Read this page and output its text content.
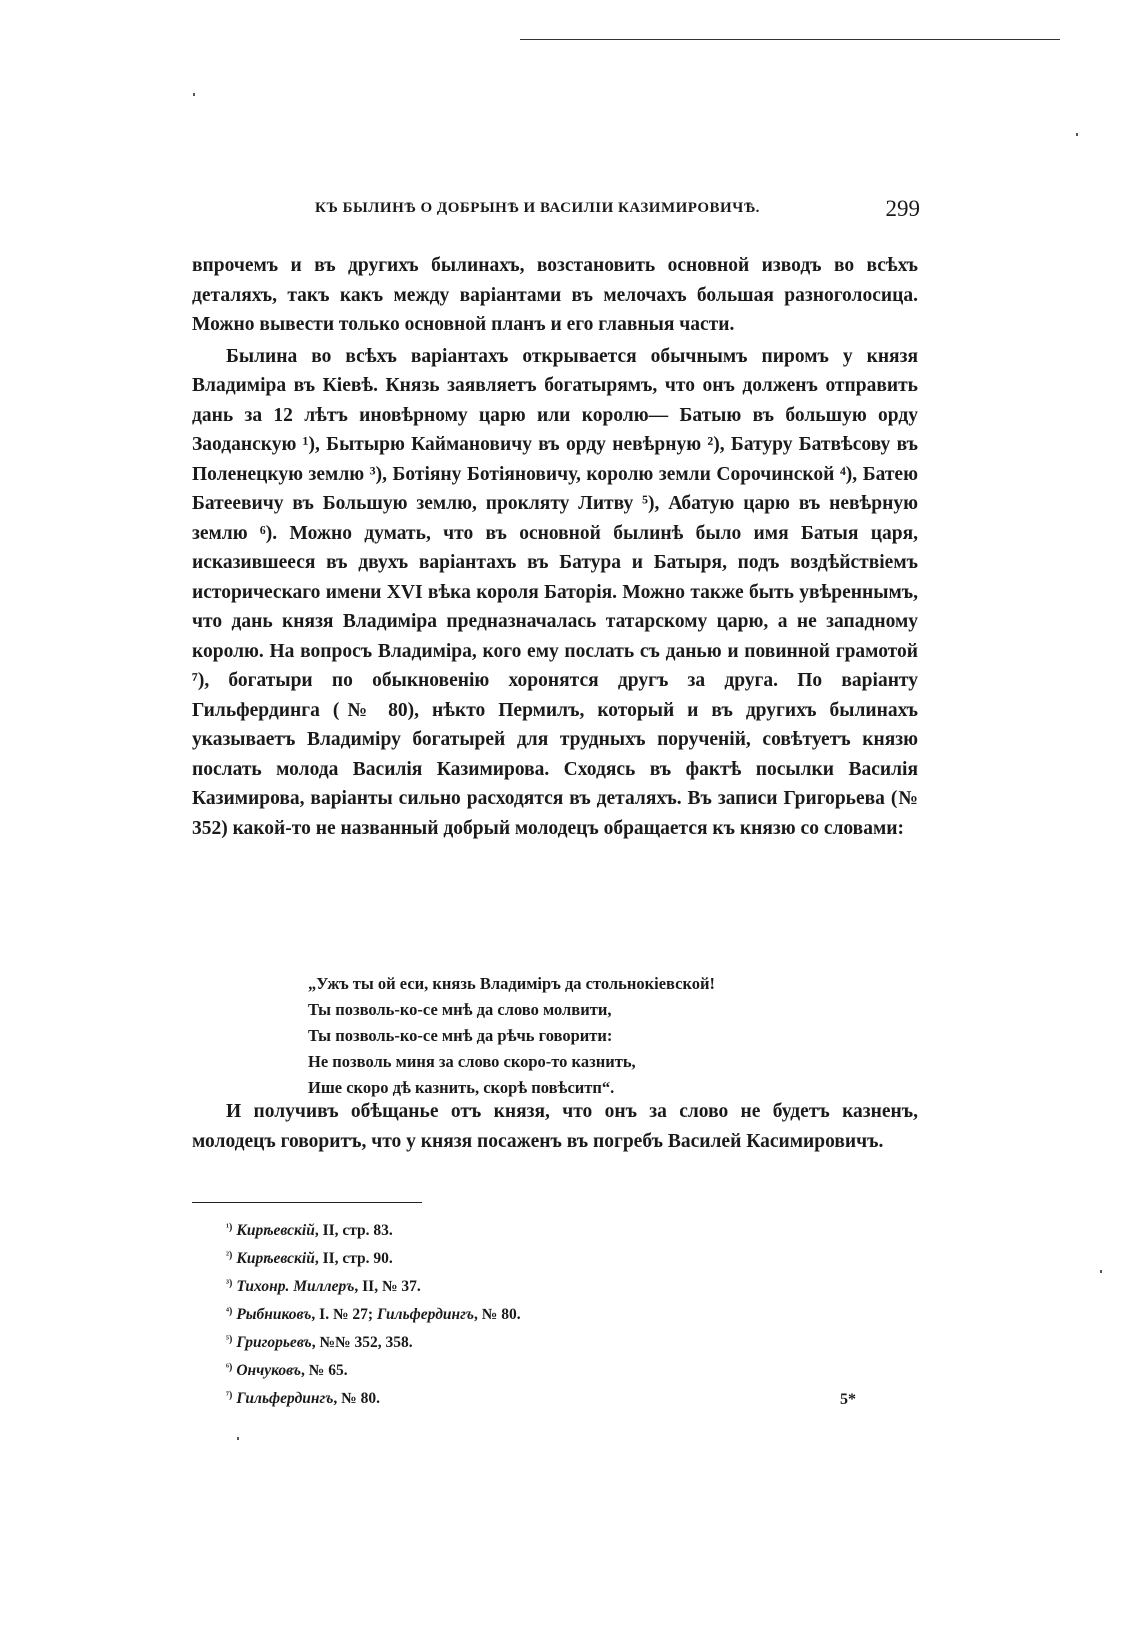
КЪ БЫЛИНѢ О ДОБРЫНѢ И ВАСИЛІИ КАЗИМИРОВИЧѢ.	299

впрочемъ и въ другихъ былинахъ, возстановить основной изводъ во всѣхъ деталяхъ, такъ какъ между варіантами въ мелочахъ большая разноголосица. Можно вывести только основной планъ и его главныя части.

Былина во всѣхъ варіантахъ открывается обычнымъ пиромъ у князя Владиміра въ Кіевѣ. Князь заявляетъ богатырямъ, что онъ долженъ отправить дань за 12 лѣтъ иновѣрному царю или королю— Батыю въ большую орду Заоданскую ¹), Бытырю Каймановичу въ орду невѣрную ²), Батуру Батвѣсову въ Поленецкую землю ³), Ботіяну Ботіяновичу, королю земли Сорочинской ⁴), Батею Батеевичу въ Большую землю, прокляту Литву ⁵), Абатую царю въ невѣрную землю ⁶). Можно думать, что въ основной былинѣ было имя Батыя царя, исказившееся въ двухъ варіантахъ въ Батура и Батыря, подъ воздѣйствіемъ историческаго имени XVI вѣка короля Баторія. Можно также быть увѣреннымъ, что дань князя Владиміра предназначалась татарскому царю, а не западному королю. На вопросъ Владиміра, кого ему послать съ данью и повинной грамотой ⁷), богатыри по обыкновенію хоронятся другъ за друга. По варіанту Гильфердинга (№ 80), нѣкто Пермилъ, который и въ другихъ былинахъ указываетъ Владиміру богатырей для трудныхъ порученій, совѣтуетъ князю послать молода Василія Казимирова. Сходясь въ фактѣ посылки Василія Казимирова, варіанты сильно расходятся въ деталяхъ. Въ записи Григорьева (№ 352) какой-то не названный добрый молодецъ обращается къ князю со словами:

„Ужъ ты ой еси, князь Владиміръ да стольнокіевской!
Ты позволь-ко-се мнѣ да слово молвити,
Ты позволь-ко-се мнѣ да рѣчь говорити:
Не позволь миня за слово скоро-то казнить,
Ише скоро дѣ казнить, скорѣ повѣситп“.

И получивъ обѣщанье отъ князя, что онъ за слово не будетъ казненъ, молодецъ говоритъ, что у князя посаженъ въ погребъ Василей Касимировичъ.

$^{^1)}$ Кирѣевскій, II, стр. 83.
$^{^2)}$ Кирѣевскій, II, стр. 90.
$^{^3)}$ Тихонр. Миллеръ, II, № 37.
$^{^4)}$ Рыбниковъ, I. № 27; Гильфердингъ, № 80.
$^{^5)}$ Григорьевъ, №№ 352, 358.
$^{^6)}$ Ончуковъ, № 65.
$^{^7)}$ Гильфердингъ, № 80.	5*
